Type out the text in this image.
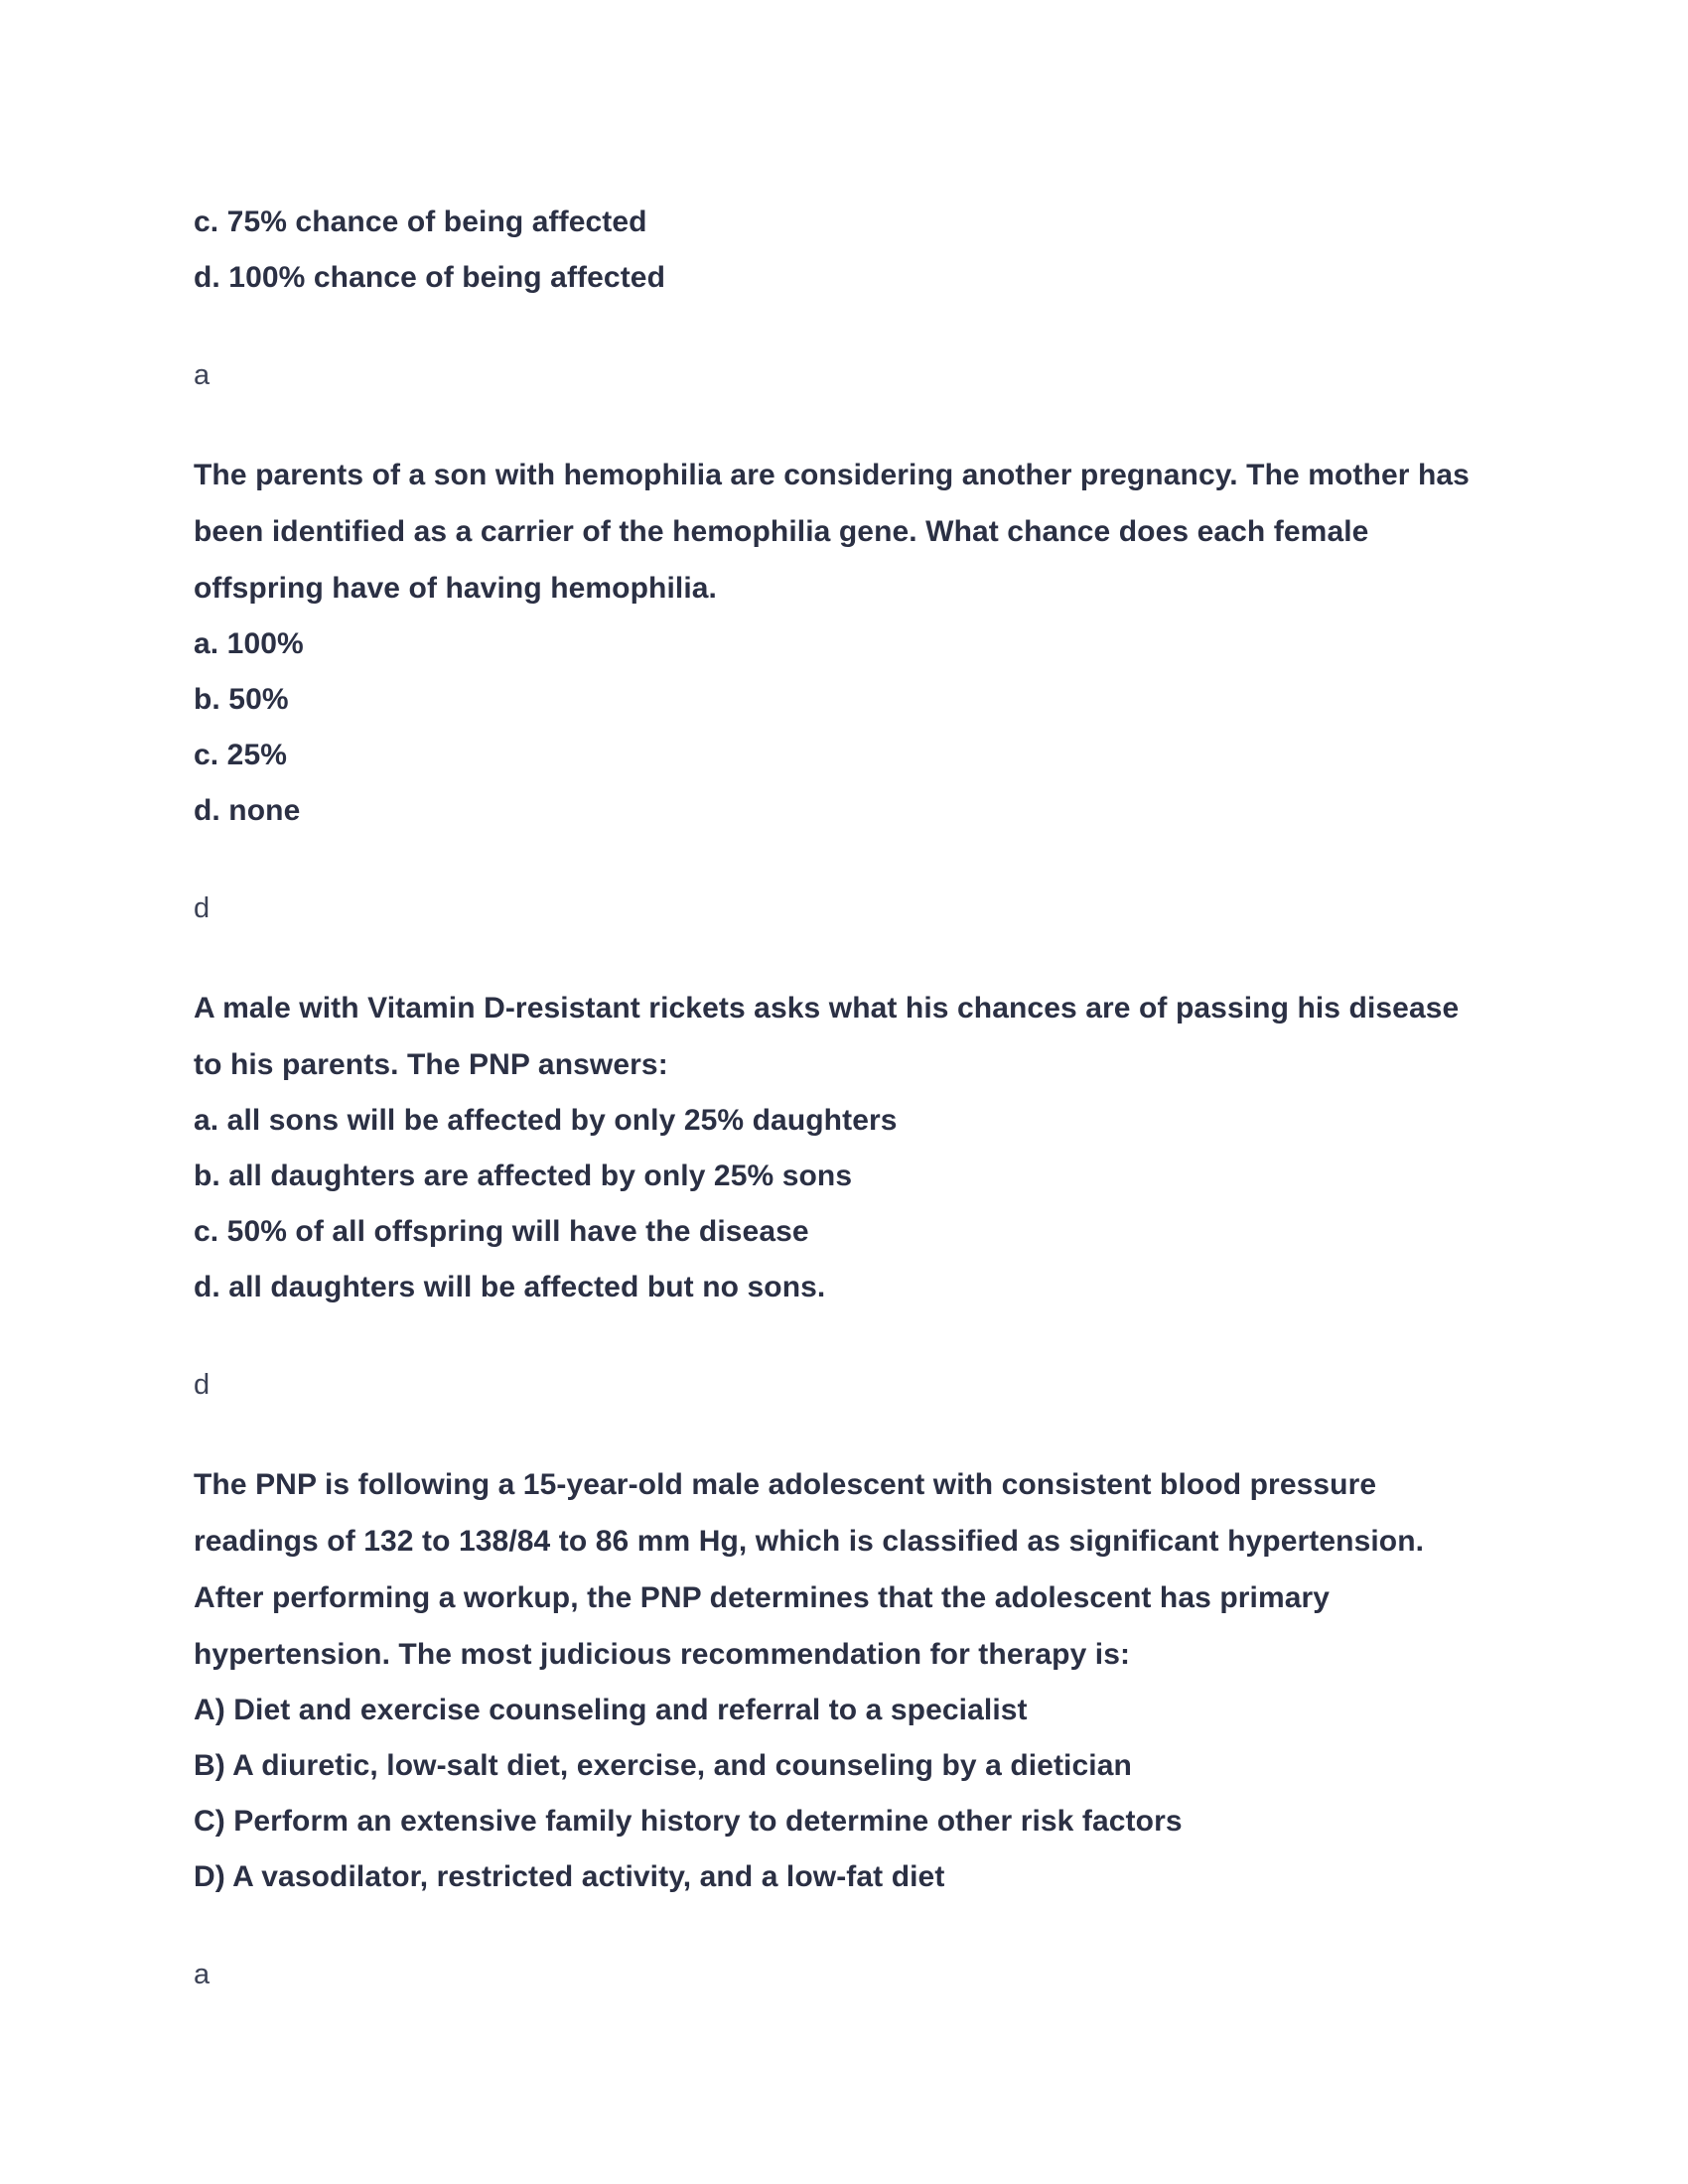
c. 75% chance of being affected
d. 100% chance of being affected
a
The parents of a son with hemophilia are considering another pregnancy. The mother has been identified as a carrier of the hemophilia gene. What chance does each female offspring have of having hemophilia.
a. 100%
b. 50%
c. 25%
d. none
d
A male with Vitamin D-resistant rickets asks what his chances are of passing his disease to his parents. The PNP answers:
a. all sons will be affected by only 25% daughters
b. all daughters are affected by only 25% sons
c. 50% of all offspring will have the disease
d. all daughters will be affected but no sons.
d
The PNP is following a 15-year-old male adolescent with consistent blood pressure readings of 132 to 138/84 to 86 mm Hg, which is classified as significant hypertension. After performing a workup, the PNP determines that the adolescent has primary hypertension. The most judicious recommendation for therapy is:
A) Diet and exercise counseling and referral to a specialist
B) A diuretic, low-salt diet, exercise, and counseling by a dietician
C) Perform an extensive family history to determine other risk factors
D) A vasodilator, restricted activity, and a low-fat diet
a
